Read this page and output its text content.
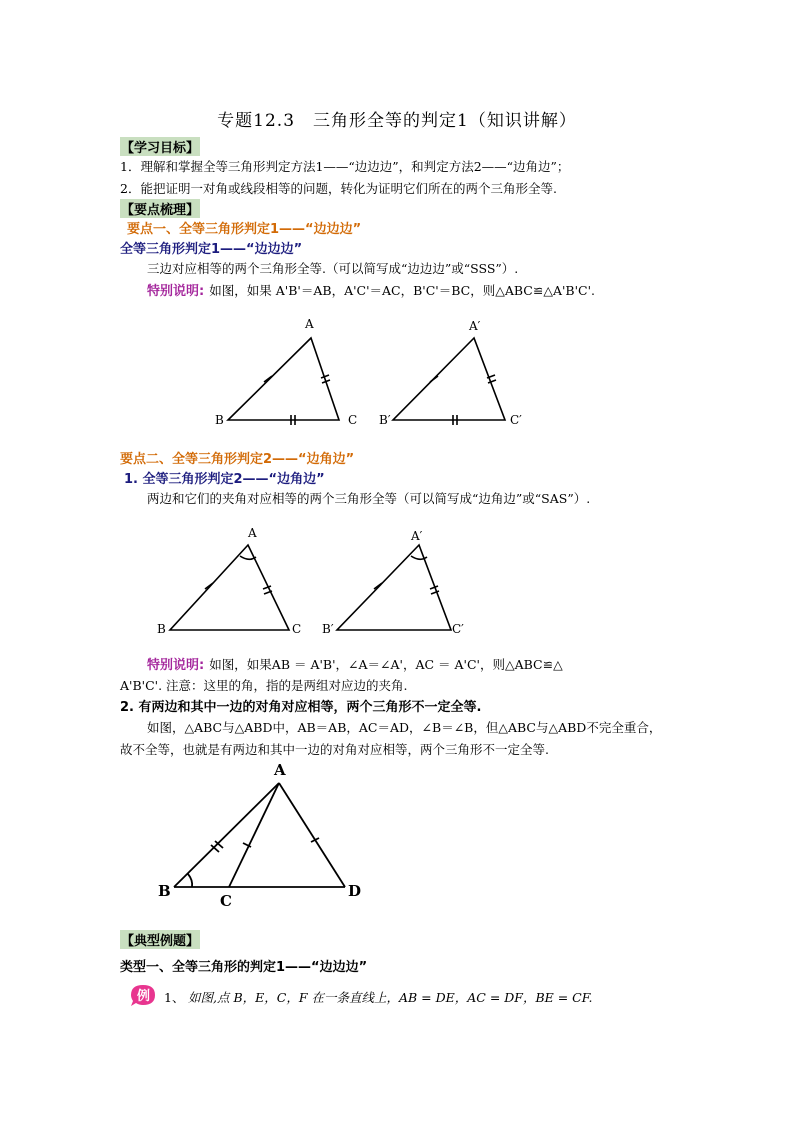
专题12.3　三角形全等的判定1（知识讲解）
【学习目标】
1．理解和掌握全等三角形判定方法1——“边边边”，和判定方法2——“边角边”；
2．能把证明一对角或线段相等的问题，转化为证明它们所在的两个三角形全等.
【要点梳理】
要点一、全等三角形判定1——“边边边”
全等三角形判定1——“边边边”
三边对应相等的两个三角形全等.（可以简写成“边边边”或“SSS”）.
特别说明: 如图，如果 A'B'＝AB，A'C'＝AC，B'C'＝BC，则△ABC≌△A'B'C'.
A
B	C
A′
B′	C′
A
B	C
A′
B′	C′
A
B
C
D
要点二、全等三角形判定2——“边角边”
1. 全等三角形判定2——“边角边”
两边和它们的夹角对应相等的两个三角形全等（可以简写成“边角边”或“SAS”）.
特别说明: 如图，如果AB ＝ A'B'，∠A＝∠A'，AC ＝ A'C'，则△ABC≌△
A'B'C'. 注意：这里的角，指的是两组对应边的夹角.
2. 有两边和其中一边的对角对应相等，两个三角形不一定全等.
如图，△ABC与△ABD中，AB＝AB，AC＝AD，∠B＝∠B，但△ABC与△ABD不完全重合，
故不全等，也就是有两边和其中一边的对角对应相等，两个三角形不一定全等.
【典型例题】
类型一、全等三角形的判定1——“边边边”
例 1、 如图,点 B，E，C，F 在一条直线上，AB = DE，AC = DF，BE = CF.
